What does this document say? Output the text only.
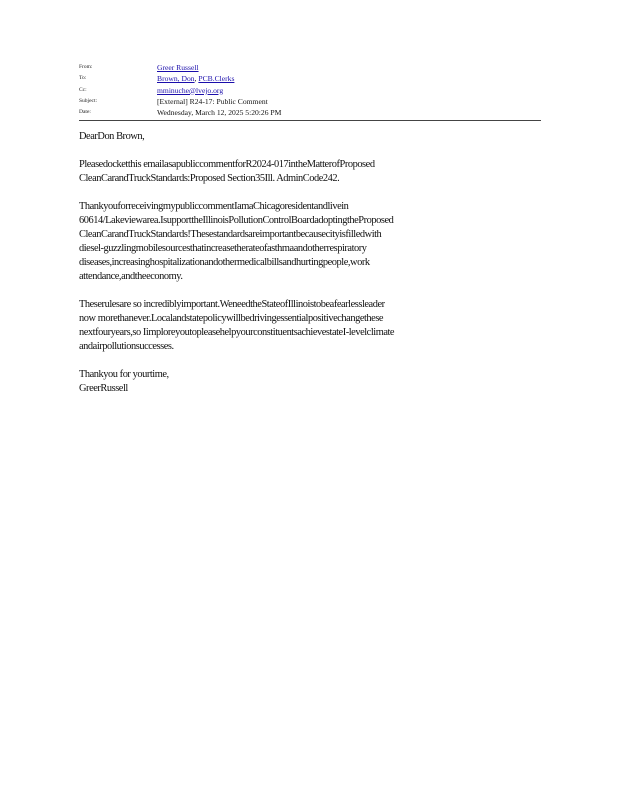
From:	Greer Russell
To:	Brown, Don, PCB.Clerks
Cc:	mminuche@lvejo.org
Subject:	[External] R24-17: Public Comment
Date:	Wednesday, March 12, 2025 5:20:26 PM

DearDon Brown,

Pleasedocketthis emailasapubliccommentforR2024-017intheMatterofProposed
CleanCarandTruckStandards:Proposed Section35Ill. AdminCode242.

ThankyouforreceivingmypubliccommentIamaChicagoresidentandlivein
60614/Lakeviewarea.IsupporttheIllinoisPollutionControlBoardadoptingtheProposed
CleanCarandTruckStandards!Thesestandardsareimportantbecausecityisfilledwith
diesel-guzzlingmobilesourcesthatincreasetherateofasthmaandotherrespiratory
diseases,increasinghospitalizationandothermedicalbillsandhurtingpeople,work
attendance,andtheeconomy.

Theserulesare so incrediblyimportant.WeneedtheStateofIllinoistobeafearlessleader
now morethanever.Localandstatepolicywillbedrivingessentialpositivechangethese
nextfouryears,so IimploreyoutopleasehelpyourconstituentsachievestateI-levelclimate
andairpollutionsuccesses.

Thankyou for yourtime,
GreerRussell
